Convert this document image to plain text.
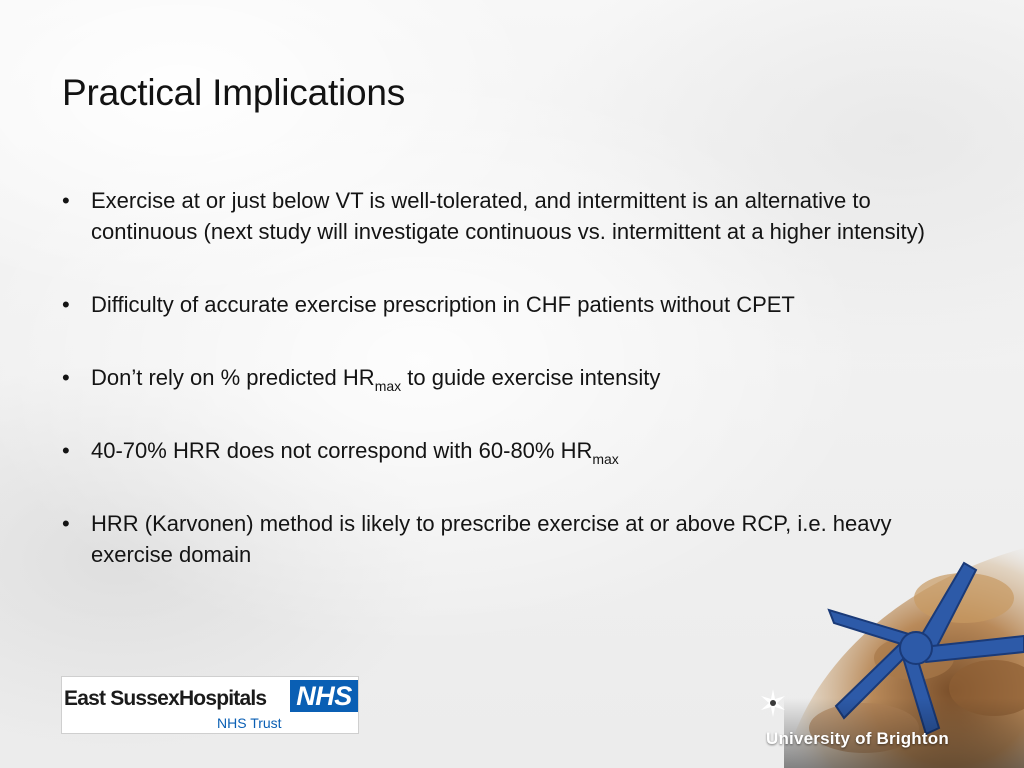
Practical Implications
• Exercise at or just below VT is well-tolerated, and intermittent is an alternative to continuous (next study will investigate continuous vs. intermittent at a higher intensity)
• Difficulty of accurate exercise prescription in CHF patients without CPET
• Don’t rely on % predicted $HR_{max}$ to guide exercise intensity
• 40-70% HRR does not correspond with 60-80% $HR_{max}$
• HRR (Karvonen) method is likely to prescribe exercise at or above RCP, i.e. heavy exercise domain
East SussexHospitals NHS
NHS Trust
University of Brighton
